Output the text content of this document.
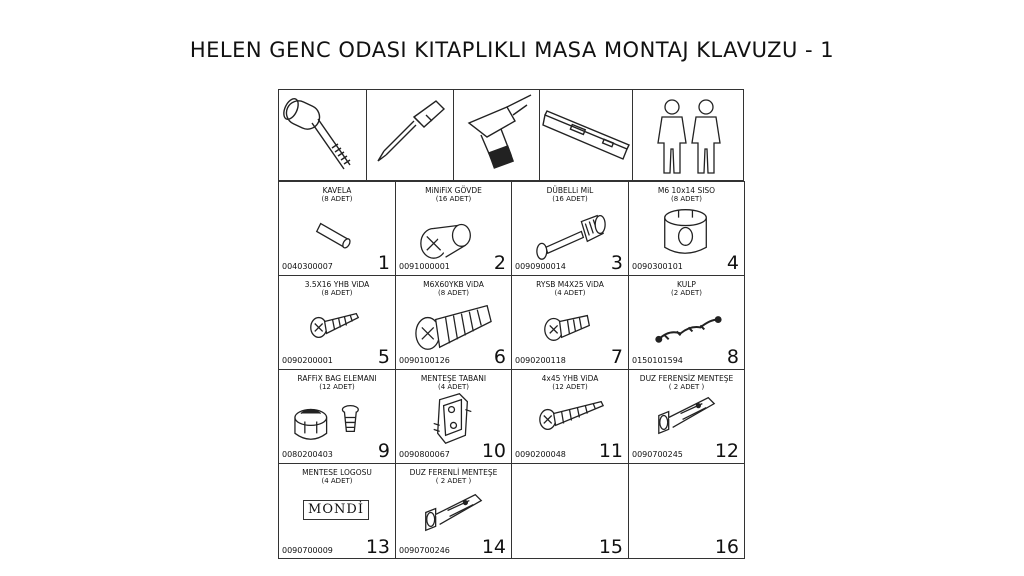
HELEN GENC ODASI KITAPLIKLI MASA MONTAJ KLAVUZU - 1
KAVELA
(8 ADET)
0040300007 1
MiNiFiX GÖVDE
(16 ADET)
0091000001 2
DÜBELLi MiL
(16 ADET)
0090900014 3
M6 10x14 SISO
(8 ADET)
0090300101 4
3.5X16 YHB ViDA
(8 ADET)
0090200001 5
M6X60YKB ViDA
(8 ADET)
0090100126 6
RYSB M4X25 ViDA
(4 ADET)
0090200118 7
KULP
(2 ADET)
0150101594 8
RAFFiX BAG ELEMANI
(12 ADET)
0080200403 9
MENTEŞE TABANI
(4 ADET)
0090800067 10
4x45 YHB ViDA
(12 ADET)
0090200048 11
DUZ FERENSİZ MENTEŞE
( 2 ADET )
0090700245 12
MONDİ
MENTESE LOGOSU
(4 ADET)
0090700009 13
DUZ FERENLİ MENTEŞE
( 2 ADET )
0090700246 14	15	16
